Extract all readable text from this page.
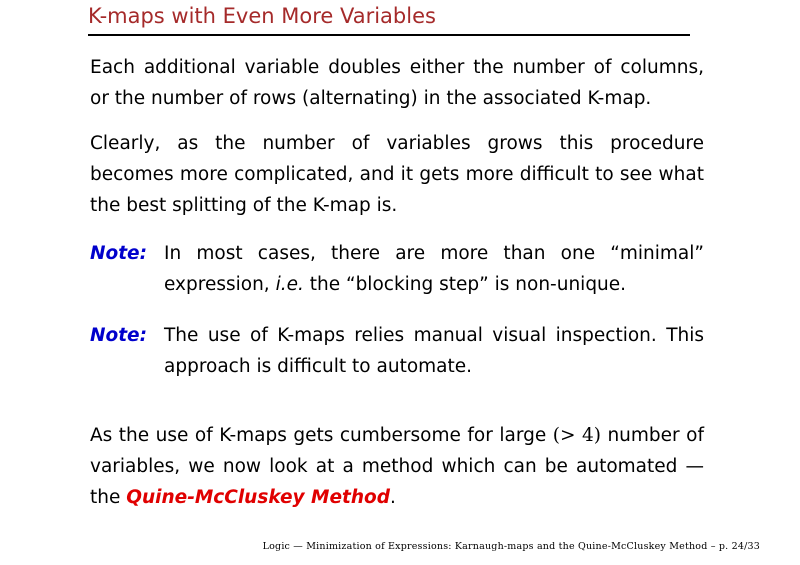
K-maps with Even More Variables
Each additional variable doubles either the number of columns, or the number of rows (alternating) in the associated K-map.
Clearly, as the number of variables grows this procedure becomes more complicated, and it gets more difficult to see what the best splitting of the K-map is.
Note: In most cases, there are more than one “minimal” expression, i.e. the “blocking step” is non-unique.
Note: The use of K-maps relies manual visual inspection. This approach is difficult to automate.
As the use of K-maps gets cumbersome for large (> 4) number of variables, we now look at a method which can be automated — the Quine-McCluskey Method.
Logic — Minimization of Expressions: Karnaugh-maps and the Quine-McCluskey Method – p. 24/33
